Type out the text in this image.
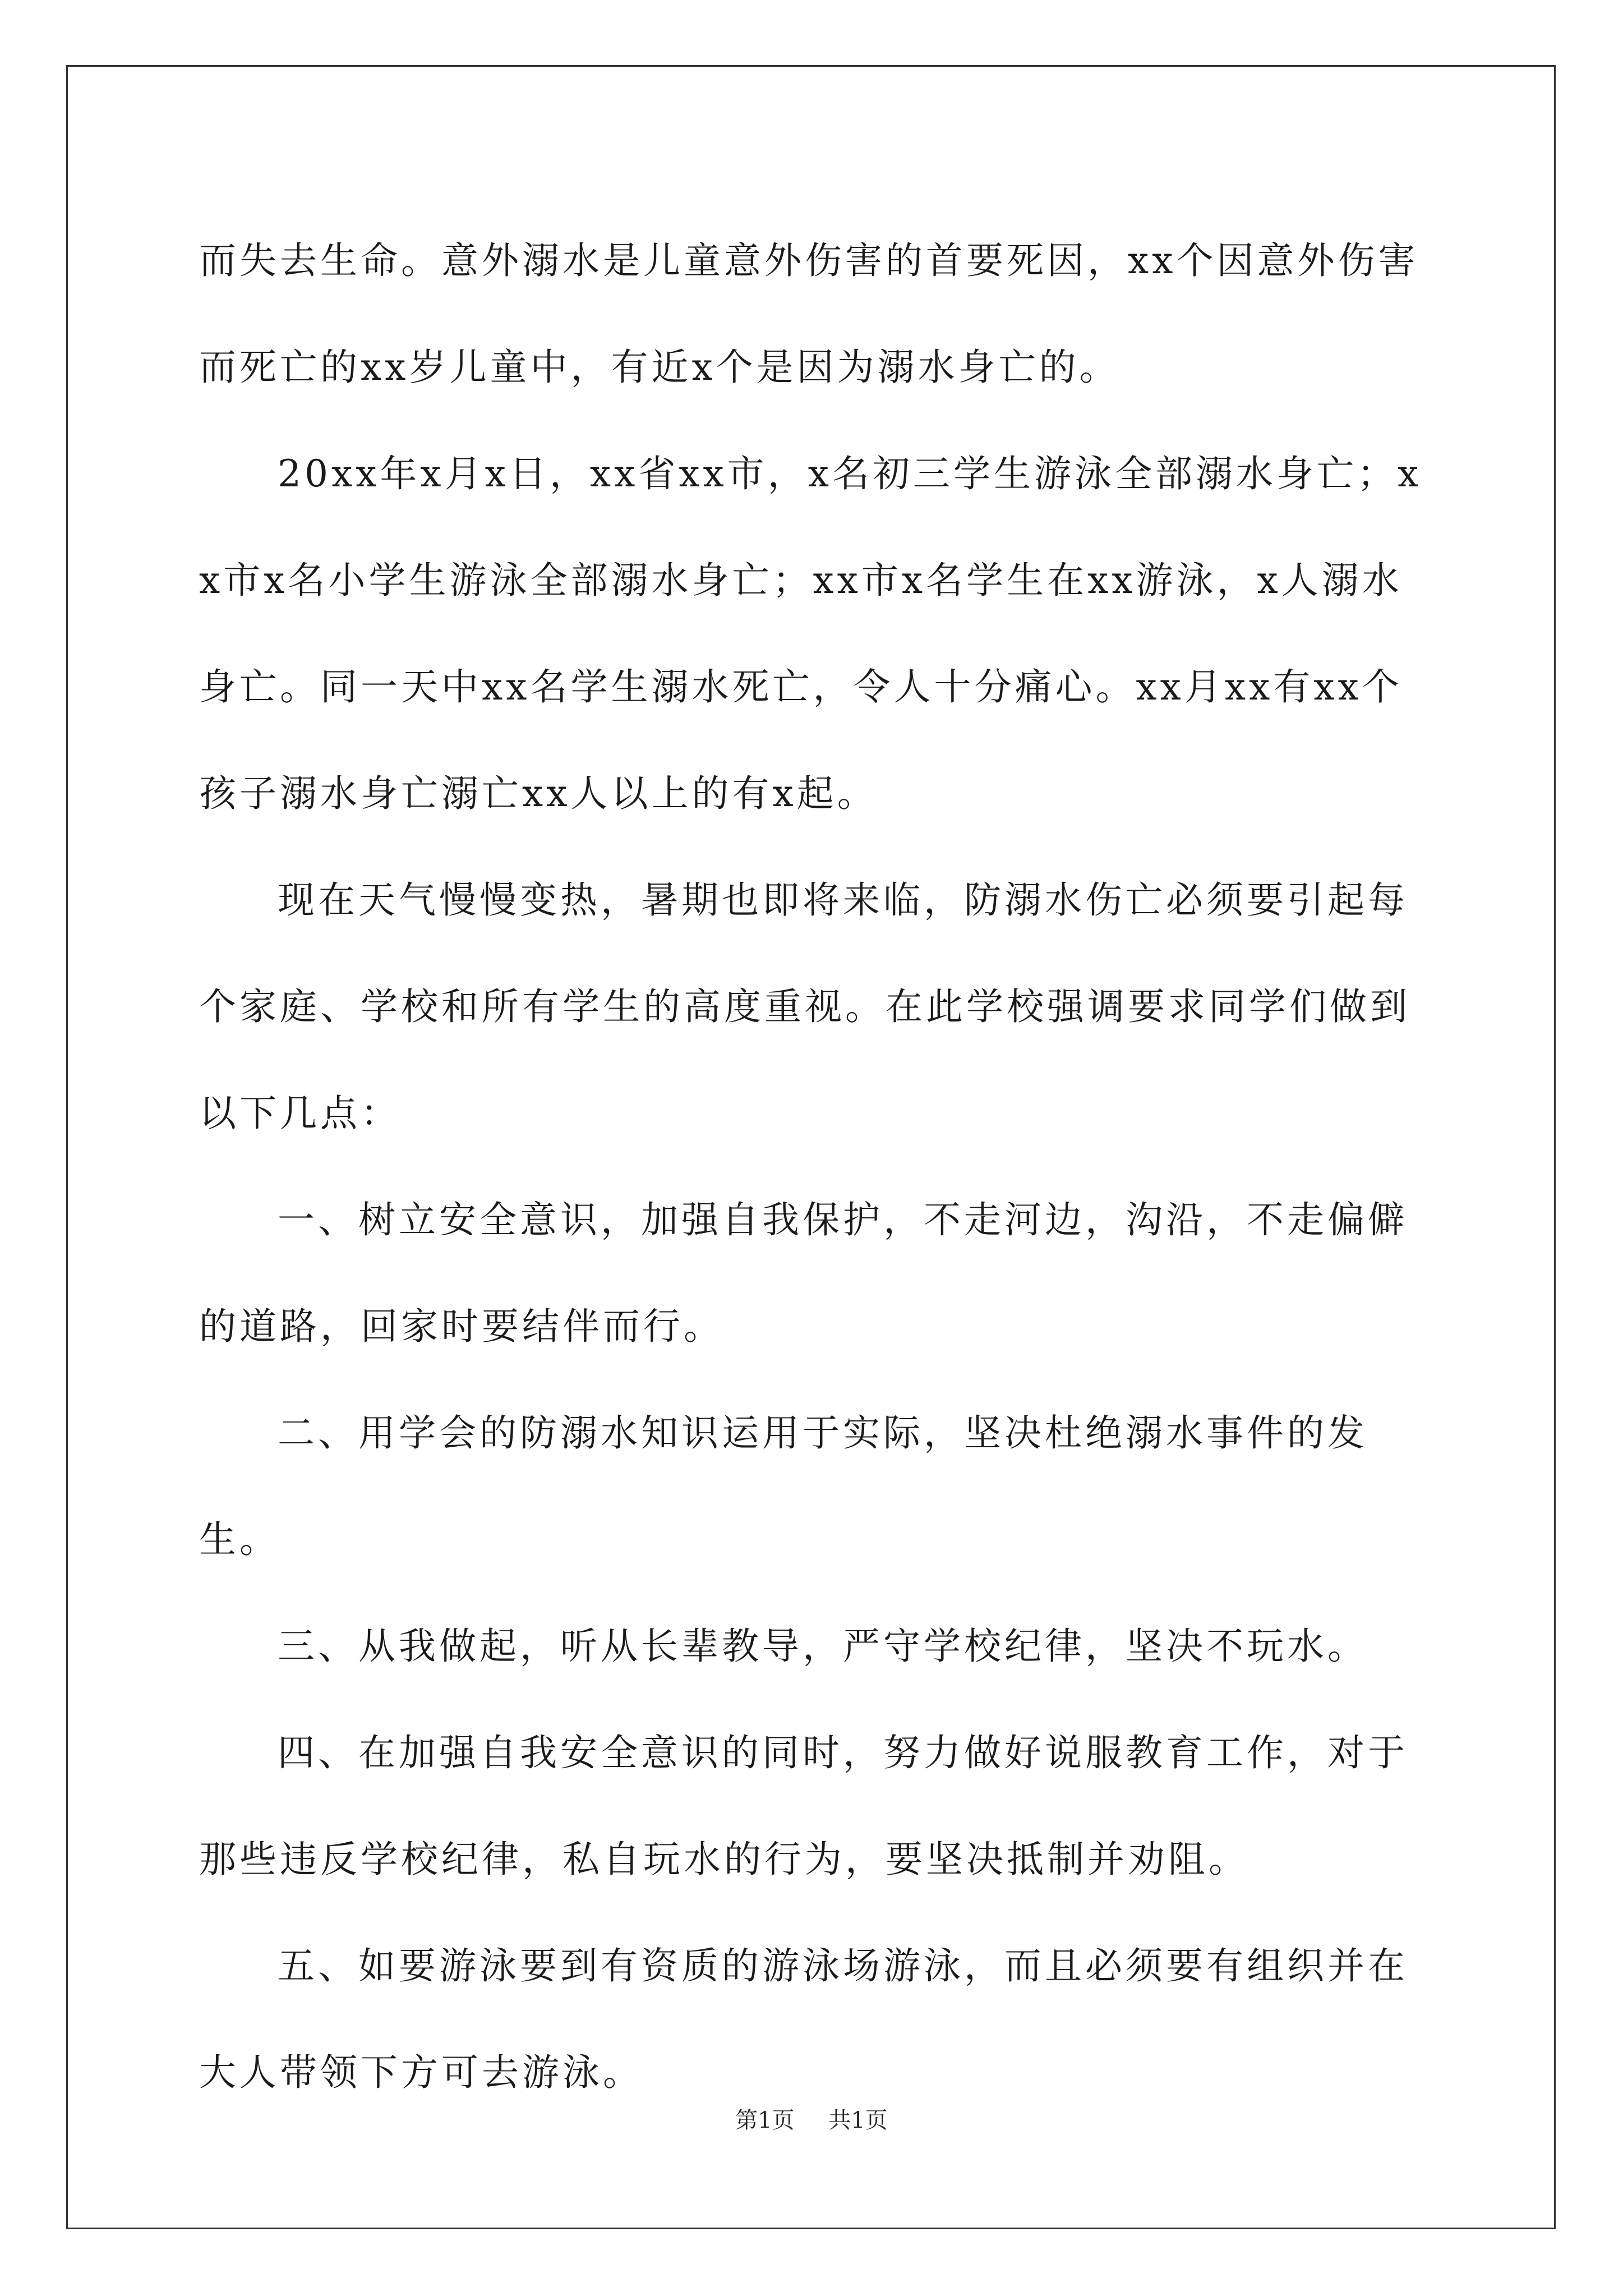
而失去生命。意外溺水是儿童意外伤害的首要死因，xx个因意外伤害而死亡的xx岁儿童中，有近x个是因为溺水身亡的。

20xx年x月x日，xx省xx市，x名初三学生游泳全部溺水身亡；xx市x名小学生游泳全部溺水身亡；xx市x名学生在xx游泳，x人溺水身亡。同一天中xx名学生溺水死亡，令人十分痛心。xx月xx有xx个孩子溺水身亡溺亡xx人以上的有x起。

现在天气慢慢变热，暑期也即将来临，防溺水伤亡必须要引起每个家庭、学校和所有学生的高度重视。在此学校强调要求同学们做到以下几点：

一、树立安全意识，加强自我保护，不走河边，沟沿，不走偏僻的道路，回家时要结伴而行。

二、用学会的防溺水知识运用于实际，坚决杜绝溺水事件的发生。

三、从我做起，听从长辈教导，严守学校纪律，坚决不玩水。

四、在加强自我安全意识的同时，努力做好说服教育工作，对于那些违反学校纪律，私自玩水的行为，要坚决抵制并劝阻。

五、如要游泳要到有资质的游泳场游泳，而且必须要有组织并在大人带领下方可去游泳。

第1页 共1页
